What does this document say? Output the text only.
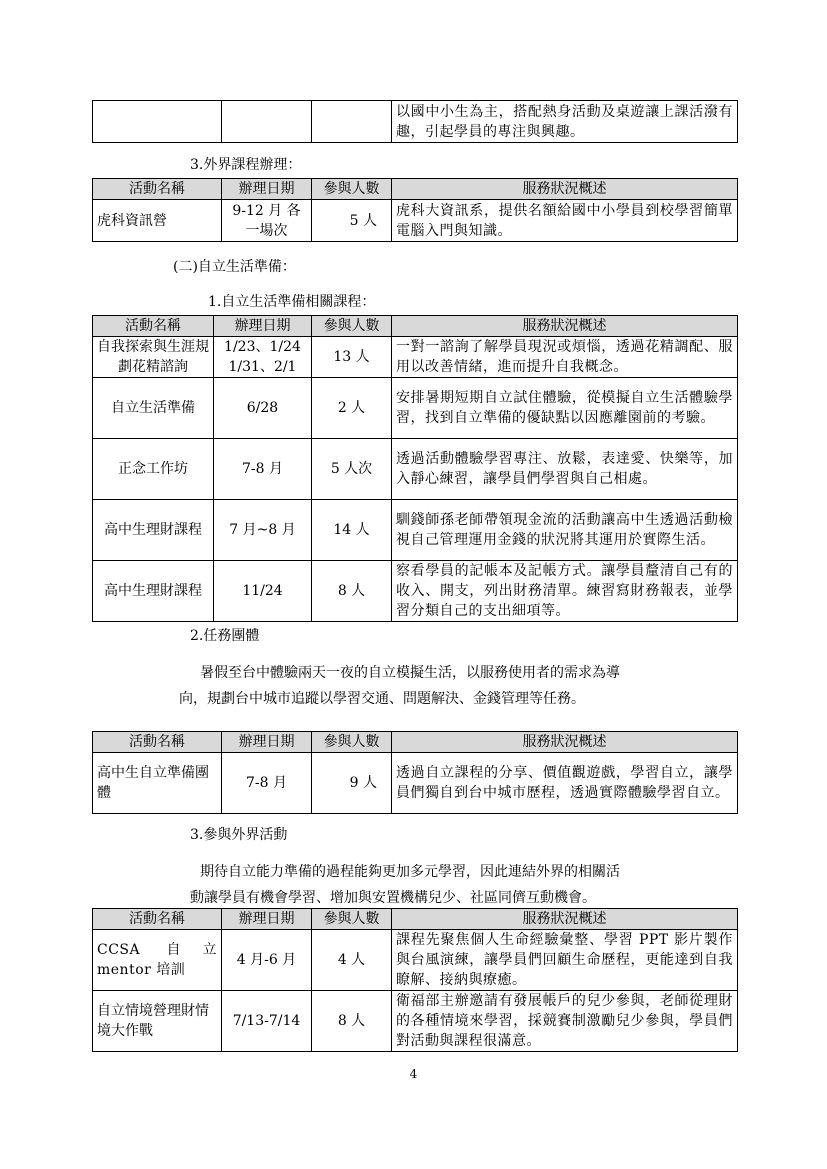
			以國中小生為主，搭配熱身活動及桌遊讓上課活潑有趣，引起學員的專注與興趣。
3.外界課程辦理：
活動名稱	辦理日期	參與人數	服務狀況概述
虎科資訊營	9-12 月 各一場次	5 人	虎科大資訊系，提供名額給國中小學員到校學習簡單電腦入門與知識。
(二)自立生活準備：
1.自立生活準備相關課程：
活動名稱	辦理日期	參與人數	服務狀況概述
自我探索與生涯規劃花精諮詢	1/23、1/24 1/31、2/1	13 人	一對一諮詢了解學員現況或煩惱，透過花精調配、服用以改善情緒，進而提升自我概念。
自立生活準備	6/28	2 人	安排暑期短期自立試住體驗，從模擬自立生活體驗學習，找到自立準備的優缺點以因應離園前的考驗。
正念工作坊	7-8 月	5 人次	透過活動體驗學習專注、放鬆，表達愛、快樂等，加入靜心練習，讓學員們學習與自己相處。
高中生理財課程	7 月~8 月	14 人	馴錢師孫老師帶領現金流的活動讓高中生透過活動檢視自己管理運用金錢的狀況將其運用於實際生活。
高中生理財課程	11/24	8 人	察看學員的記帳本及記帳方式。讓學員釐清自己有的收入、開支，列出財務清單。練習寫財務報表，並學習分類自己的支出細項等。
2.任務團體
暑假至台中體驗兩天一夜的自立模擬生活，以服務使用者的需求為導
向，規劃台中城市追蹤以學習交通、問題解決、金錢管理等任務。
活動名稱	辦理日期	參與人數	服務狀況概述
高中生自立準備團體	7-8 月	9 人	透過自立課程的分享、價值觀遊戲，學習自立，讓學員們獨自到台中城市歷程，透過實際體驗學習自立。
3.參與外界活動
期待自立能力準備的過程能夠更加多元學習，因此連結外界的相關活
動讓學員有機會學習、增加與安置機構兒少、社區同儕互動機會。
活動名稱	辦理日期	參與人數	服務狀況概述
CCSA 自立 mentor 培訓	4 月-6 月	4 人	課程先聚焦個人生命經驗彙整、學習 PPT 影片製作與台風演練，讓學員們回顧生命歷程，更能達到自我瞭解、接納與療癒。
自立情境營理財情境大作戰	7/13-7/14	8 人	衛福部主辦邀請有發展帳戶的兒少參與，老師從理財的各種情境來學習，採競賽制激勵兒少參與，學員們對活動與課程很滿意。
4
